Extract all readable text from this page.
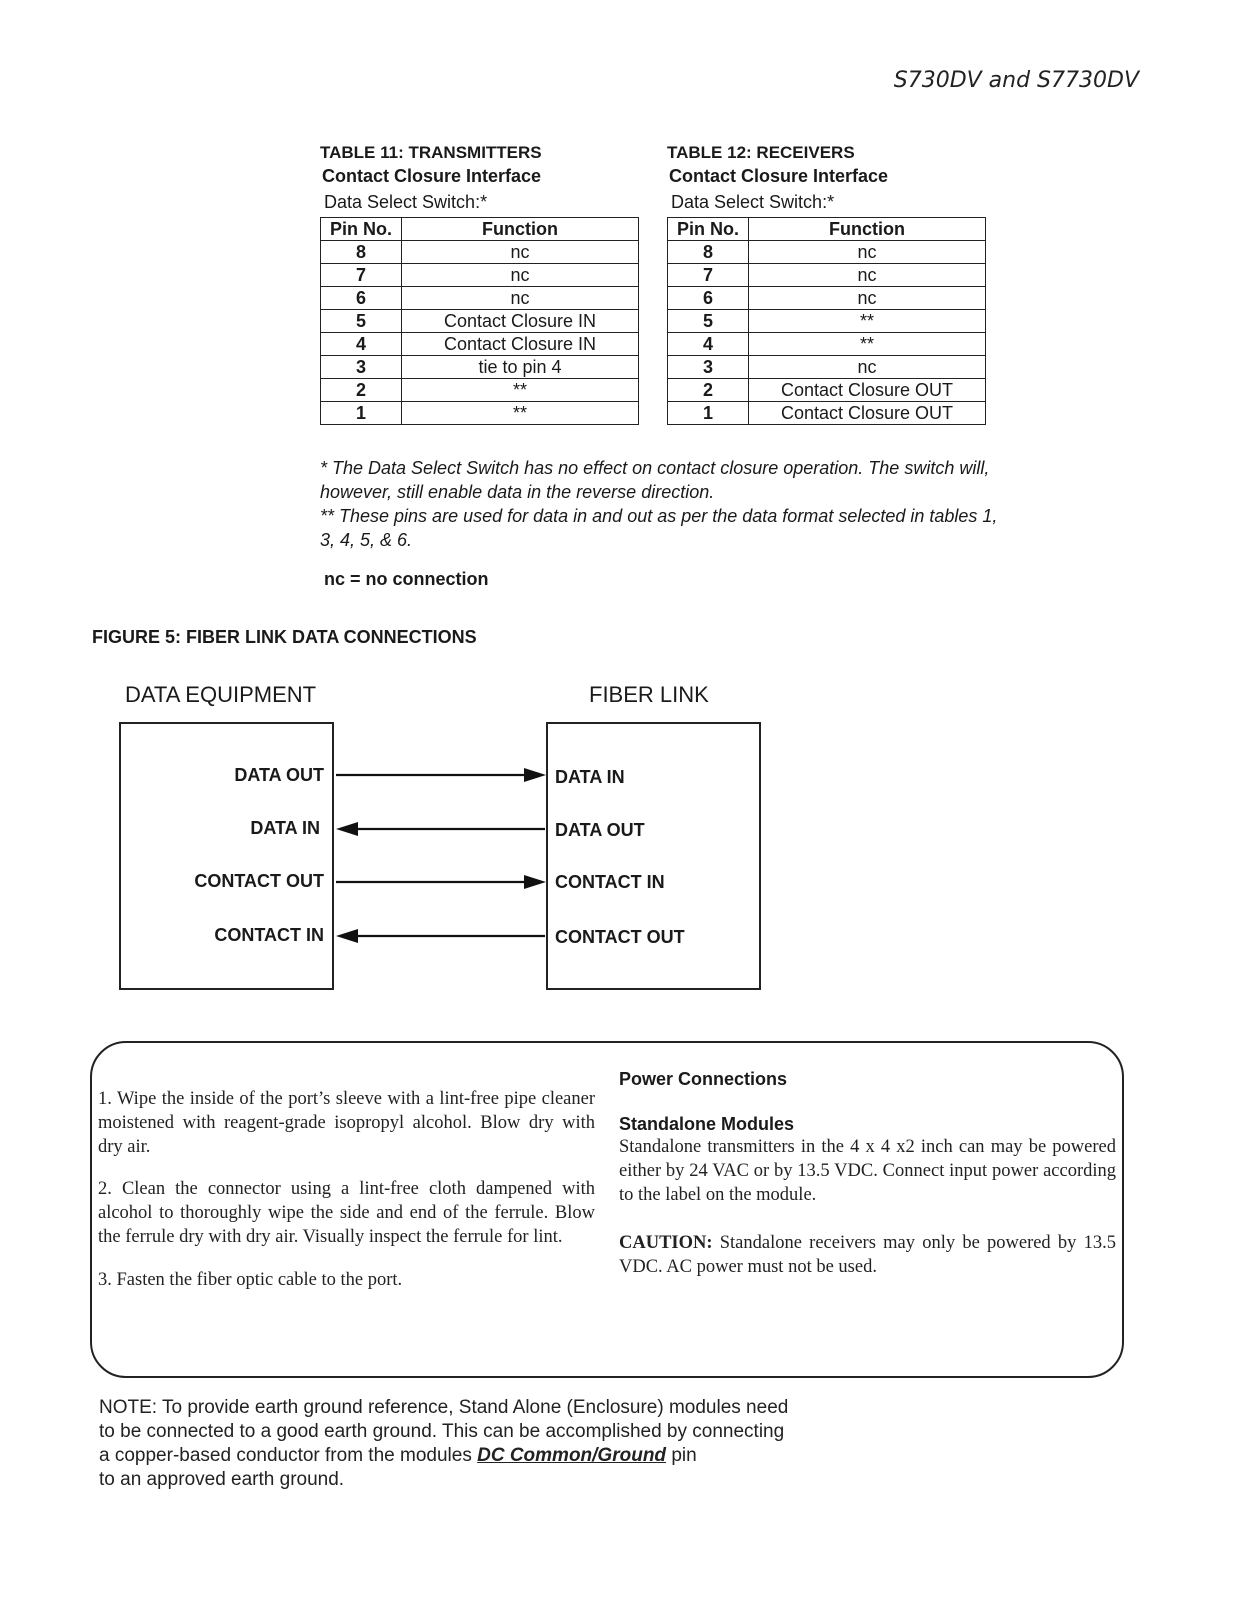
S730DV and S7730DV
TABLE 11: TRANSMITTERS
Contact Closure Interface
Data Select Switch:*
Pin No.	Function
8	nc
7	nc
6	nc
5	Contact Closure IN
4	Contact Closure IN
3	tie to pin 4
2	**
1	**
TABLE 12: RECEIVERS
Contact Closure Interface
Data Select Switch:*
Pin No.	Function
8	nc
7	nc
6	nc
5	**
4	**
3	nc
2	Contact Closure OUT
1	Contact Closure OUT
* The Data Select Switch has no effect on contact closure operation. The switch will, however, still enable data in the reverse direction.
** These pins are used for data in and out as per the data format selected in tables 1, 3, 4, 5, & 6.
nc = no connection
FIGURE 5: FIBER LINK DATA CONNECTIONS
DATA EQUIPMENT	FIBER LINK
DATA OUT
DATA IN
CONTACT OUT
CONTACT IN
DATA IN
DATA OUT
CONTACT IN
CONTACT OUT

1. Wipe the inside of the port’s sleeve with a lint-free pipe cleaner moistened with reagent-grade isopropyl alcohol. Blow dry with dry air.

2. Clean the connector using a lint-free cloth dampened with alcohol to thoroughly wipe the side and end of the ferrule. Blow the ferrule dry with dry air. Visually inspect the ferrule for lint.

3. Fasten the fiber optic cable to the port.

Power Connections
Standalone Modules
Standalone transmitters in the 4 x 4 x2 inch can may be powered either by 24 VAC or by 13.5 VDC. Connect input power according to the label on the module.
CAUTION: Standalone receivers may only be powered by 13.5 VDC. AC power must not be used.
NOTE: To provide earth ground reference, Stand Alone (Enclosure) modules need
to be connected to a good earth ground. This can be accomplished by connecting
a copper-based conductor from the modules DC Common/Ground pin
to an approved earth ground.
